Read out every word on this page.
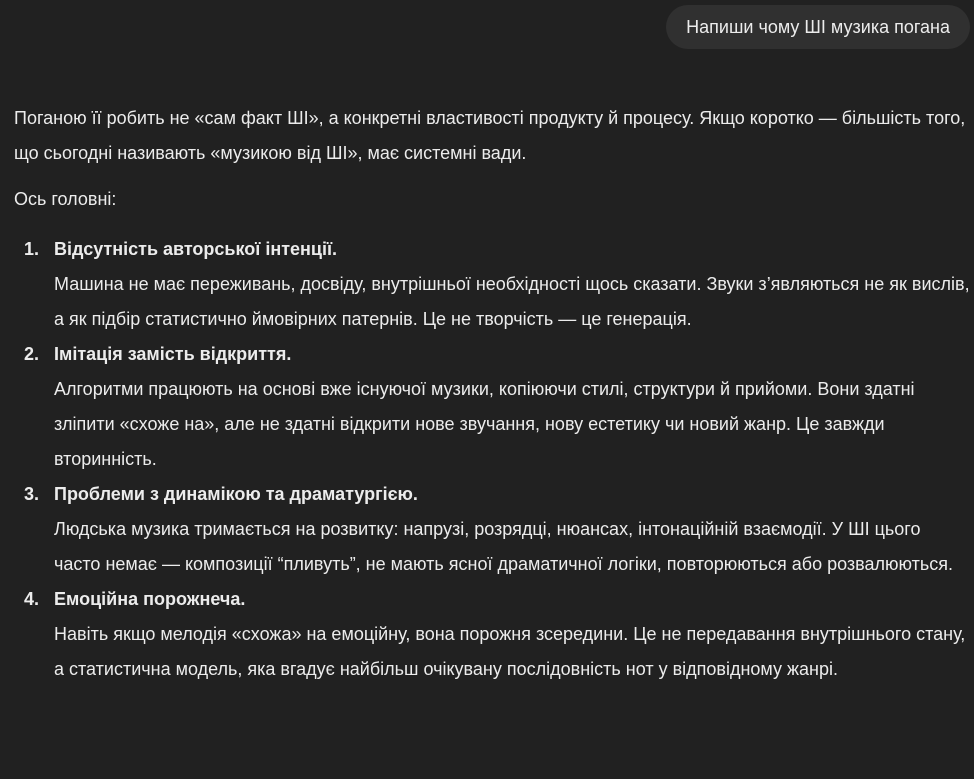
Напиши чому ШІ музика погана

Поганою її робить не «сам факт ШІ», а конкретні властивості продукту й процесу. Якщо коротко — більшість того, що сьогодні називають «музикою від ШІ», має системні вади.

Ось головні:

1. Відсутність авторської інтенції.
Машина не має переживань, досвіду, внутрішньої необхідності щось сказати. Звуки з’являються не як вислів, а як підбір статистично ймовірних патернів. Це не творчість — це генерація.
2. Імітація замість відкриття.
Алгоритми працюють на основі вже існуючої музики, копіюючи стилі, структури й прийоми. Вони здатні зліпити «схоже на», але не здатні відкрити нове звучання, нову естетику чи новий жанр. Це завжди вторинність.
3. Проблеми з динамікою та драматургією.
Людська музика тримається на розвитку: напрузі, розрядці, нюансах, інтонаційній взаємодії. У ШІ цього часто немає — композиції “пливуть”, не мають ясної драматичної логіки, повторюються або розвалюються.
4. Емоційна порожнеча.
Навіть якщо мелодія «схожа» на емоційну, вона порожня зсередини. Це не передавання внутрішнього стану, а статистична модель, яка вгадує найбільш очікувану послідовність нот у відповідному жанрі.
